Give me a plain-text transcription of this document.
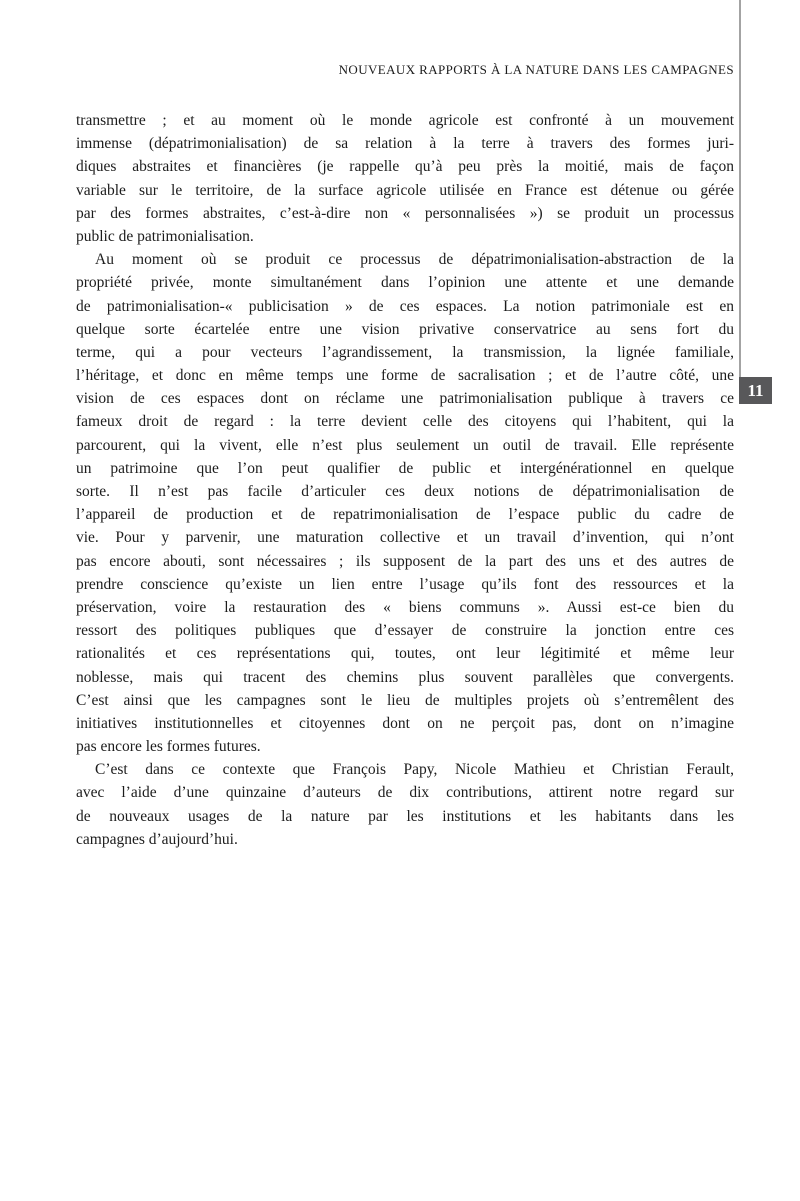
NOUVEAUX RAPPORTS À LA NATURE DANS LES CAMPAGNES
11
transmettre ; et au moment où le monde agricole est confronté à un mouvement
immense (dépatrimonialisation) de sa relation à la terre à travers des formes juri-
diques abstraites et financières (je rappelle qu’à peu près la moitié, mais de façon
variable sur le territoire, de la surface agricole utilisée en France est détenue ou gérée
par des formes abstraites, c’est-à-dire non « personnalisées ») se produit un processus
public de patrimonialisation.
Au moment où se produit ce processus de dépatrimonialisation-abstraction de la
propriété privée, monte simultanément dans l’opinion une attente et une demande
de patrimonialisation-« publicisation » de ces espaces. La notion patrimoniale est en
quelque sorte écartelée entre une vision privative conservatrice au sens fort du
terme, qui a pour vecteurs l’agrandissement, la transmission, la lignée familiale,
l’héritage, et donc en même temps une forme de sacralisation ; et de l’autre côté, une
vision de ces espaces dont on réclame une patrimonialisation publique à travers ce
fameux droit de regard : la terre devient celle des citoyens qui l’habitent, qui la
parcourent, qui la vivent, elle n’est plus seulement un outil de travail. Elle représente
un patrimoine que l’on peut qualifier de public et intergénérationnel en quelque
sorte. Il n’est pas facile d’articuler ces deux notions de dépatrimonialisation de
l’appareil de production et de repatrimonialisation de l’espace public du cadre de
vie. Pour y parvenir, une maturation collective et un travail d’invention, qui n’ont
pas encore abouti, sont nécessaires ; ils supposent de la part des uns et des autres de
prendre conscience qu’existe un lien entre l’usage qu’ils font des ressources et la
préservation, voire la restauration des « biens communs ». Aussi est-ce bien du
ressort des politiques publiques que d’essayer de construire la jonction entre ces
rationalités et ces représentations qui, toutes, ont leur légitimité et même leur
noblesse, mais qui tracent des chemins plus souvent parallèles que convergents.
C’est ainsi que les campagnes sont le lieu de multiples projets où s’entremêlent des
initiatives institutionnelles et citoyennes dont on ne perçoit pas, dont on n’imagine
pas encore les formes futures.
C’est dans ce contexte que François Papy, Nicole Mathieu et Christian Ferault,
avec l’aide d’une quinzaine d’auteurs de dix contributions, attirent notre regard sur
de nouveaux usages de la nature par les institutions et les habitants dans les
campagnes d’aujourd’hui.
